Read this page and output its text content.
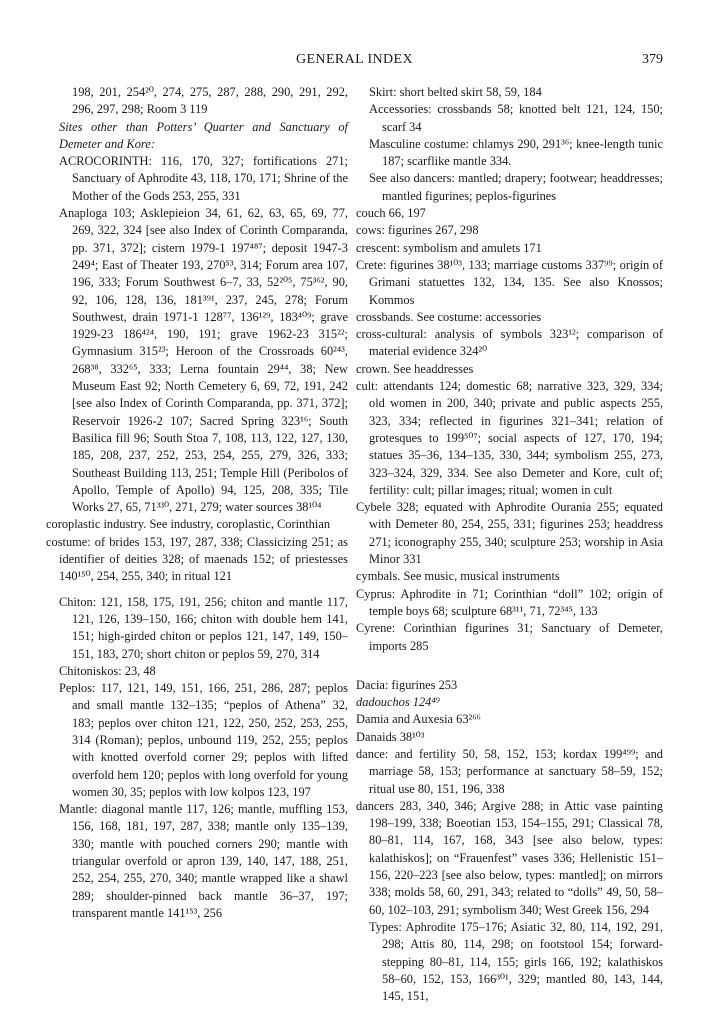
GENERAL INDEX	379

198, 201, 254²⁰, 274, 275, 287, 288, 290, 291, 292, 296, 297, 298; Room 3 119

Sites other than Potters’ Quarter and Sanctuary of Demeter and Kore:

ACROCORINTH: 116, 170, 327; fortifications 271; Sanctuary of Aphrodite 43, 118, 170, 171; Shrine of the Mother of the Gods 253, 255, 331

Anaploga 103; Asklepieion 34, 61, 62, 63, 65, 69, 77, 269, 322, 324 [see also Index of Corinth Comparanda, pp. 371, 372]; cistern 1979-1 197⁴⁸⁷; deposit 1947-3 249⁴; East of Theater 193, 270⁵³, 314; Forum area 107, 196, 333; Forum Southwest 6–7, 33, 52²⁰⁵, 75³⁶², 90, 92, 106, 128, 136, 181³⁹¹, 237, 245, 278; Forum Southwest, drain 1971-1 128⁷⁷, 136¹²⁹, 183⁴⁰⁹; grave 1929-23 186⁴²⁴, 190, 191; grave 1962-23 315²²; Gymnasium 315²³; Heroon of the Crossroads 60²⁴³, 268³⁸, 332⁶⁵, 333; Lerna fountain 29⁴⁴, 38; New Museum East 92; North Cemetery 6, 69, 72, 191, 242 [see also Index of Corinth Comparanda, pp. 371, 372]; Reservoir 1926-2 107; Sacred Spring 323¹⁶; South Basilica fill 96; South Stoa 7, 108, 113, 122, 127, 130, 185, 208, 237, 252, 253, 254, 255, 279, 326, 333; Southeast Building 113, 251; Temple Hill (Peribolos of Apollo, Temple of Apollo) 94, 125, 208, 335; Tile Works 27, 65, 71³³⁰, 271, 279; water sources 38¹⁰⁴

coroplastic industry. See industry, coroplastic, Corinthian

costume: of brides 153, 197, 287, 338; Classicizing 251; as identifier of deities 328; of maenads 152; of priestesses 140¹⁵⁰, 254, 255, 340; in ritual 121

Chiton: 121, 158, 175, 191, 256; chiton and mantle 117, 121, 126, 139–150, 166; chiton with double hem 141, 151; high-girded chiton or peplos 121, 147, 149, 150–151, 183, 270; short chiton or peplos 59, 270, 314

Chitoniskos: 23, 48

Peplos: 117, 121, 149, 151, 166, 251, 286, 287; peplos and small mantle 132–135; “peplos of Athena” 32, 183; peplos over chiton 121, 122, 250, 252, 253, 255, 314 (Roman); peplos, unbound 119, 252, 255; peplos with knotted overfold corner 29; peplos with lifted overfold hem 120; peplos with long overfold for young women 30, 35; peplos with low kolpos 123, 197

Mantle: diagonal mantle 117, 126; mantle, muffling 153, 156, 168, 181, 197, 287, 338; mantle only 135–139, 330; mantle with pouched corners 290; mantle with triangular overfold or apron 139, 140, 147, 188, 251, 252, 254, 255, 270, 340; mantle wrapped like a shawl 289; shoulder-pinned back mantle 36–37, 197; transparent mantle 141¹⁵³, 256

Skirt: short belted skirt 58, 59, 184

Accessories: crossbands 58; knotted belt 121, 124, 150; scarf 34

Masculine costume: chlamys 290, 291³⁶; knee-length tunic 187; scarflike mantle 334.

See also dancers: mantled; drapery; footwear; headdresses; mantled figurines; peplos-figurines

couch 66, 197

cows: figurines 267, 298

crescent: symbolism and amulets 171

Crete: figurines 38¹⁰³, 133; marriage customs 337⁹⁹; origin of Grimani statuettes 132, 134, 135. See also Knossos; Kommos

crossbands. See costume: accessories

cross-cultural: analysis of symbols 323¹²; comparison of material evidence 324²⁰

crown. See headdresses

cult: attendants 124; domestic 68; narrative 323, 329, 334; old women in 200, 340; private and public aspects 255, 323, 334; reflected in figurines 321–341; relation of grotesques to 199⁵⁰⁷; social aspects of 127, 170, 194; statues 35–36, 134–135, 330, 344; symbolism 255, 273, 323–324, 329, 334. See also Demeter and Kore, cult of; fertility: cult; pillar images; ritual; women in cult

Cybele 328; equated with Aphrodite Ourania 255; equated with Demeter 80, 254, 255, 331; figurines 253; headdress 271; iconography 255, 340; sculpture 253; worship in Asia Minor 331

cymbals. See music, musical instruments

Cyprus: Aphrodite in 71; Corinthian “doll” 102; origin of temple boys 68; sculpture 68³¹¹, 71, 72³⁴⁵, 133

Cyrene: Corinthian figurines 31; Sanctuary of Demeter, imports 285

Dacia: figurines 253

dadouchos 124⁴⁹

Damia and Auxesia 63²⁶⁶

Danaids 38¹⁰³

dance: and fertility 50, 58, 152, 153; kordax 199⁴⁹⁹; and marriage 58, 153; performance at sanctuary 58–59, 152; ritual use 80, 151, 196, 338

dancers 283, 340, 346; Argive 288; in Attic vase painting 198–199, 338; Boeotian 153, 154–155, 291; Classical 78, 80–81, 114, 167, 168, 343 [see also below, types: kalathiskos]; on “Frauenfest” vases 336; Hellenistic 151–156, 220–223 [see also below, types: mantled]; on mirrors 338; molds 58, 60, 291, 343; related to “dolls” 49, 50, 58–60, 102–103, 291; symbolism 340; West Greek 156, 294

Types: Aphrodite 175–176; Asiatic 32, 80, 114, 192, 291, 298; Attis 80, 114, 298; on footstool 154; forward-stepping 80–81, 114, 155; girls 166, 192; kalathiskos 58–60, 152, 153, 166³⁰¹, 329; mantled 80, 143, 144, 145, 151,
